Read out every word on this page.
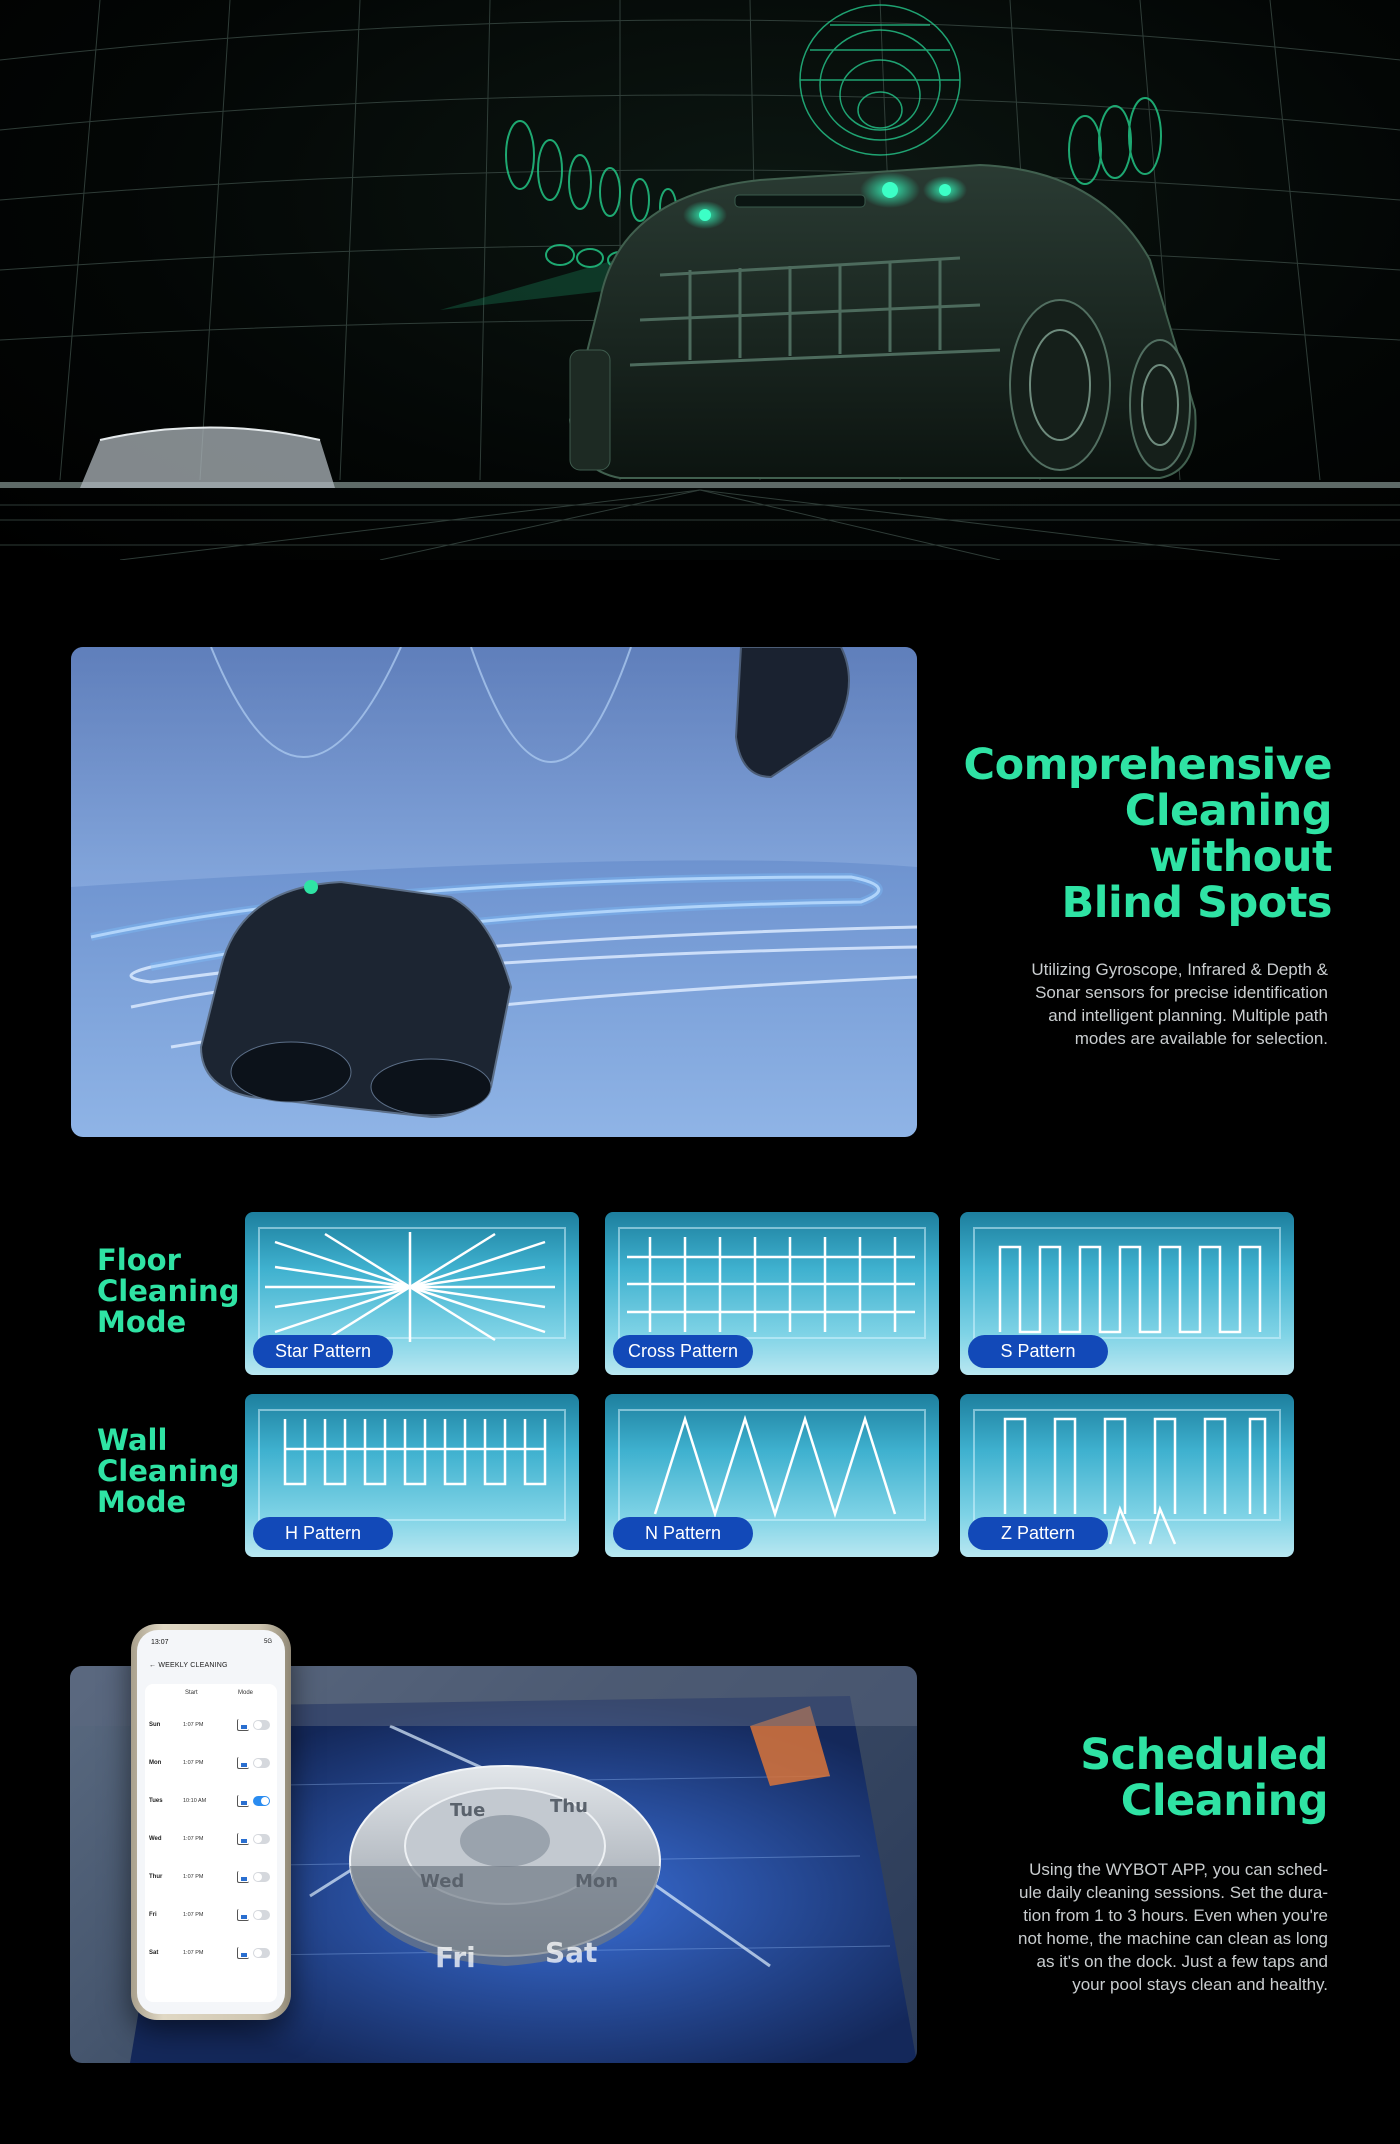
Comprehensive
Cleaning
without
Blind Spots
Utilizing Gyroscope, Infrared & Depth &
Sonar sensors for precise identification
and intelligent planning. Multiple path
modes are available for selection.
Floor
Cleaning
Mode
Wall
Cleaning
Mode
Star Pattern	Cross Pattern	S Pattern
H Pattern	N Pattern	Z Pattern
13:07	5G
← WEEKLY CLEANING
Start	Mode
Sun	1:07 PM
Mon	1:07 PM
Tues	10:10 AM
Wed	1:07 PM
Thur	1:07 PM
Fri	1:07 PM
Sat	1:07 PM
Scheduled
Cleaning
Using the WYBOT APP, you can sched-
ule daily cleaning sessions. Set the dura-
tion from 1 to 3 hours. Even when you're
not home, the machine can clean as long
as it's on the dock. Just a few taps and
your pool stays clean and healthy.
Tue	Thu
Wed	Mon
Fri Sat
